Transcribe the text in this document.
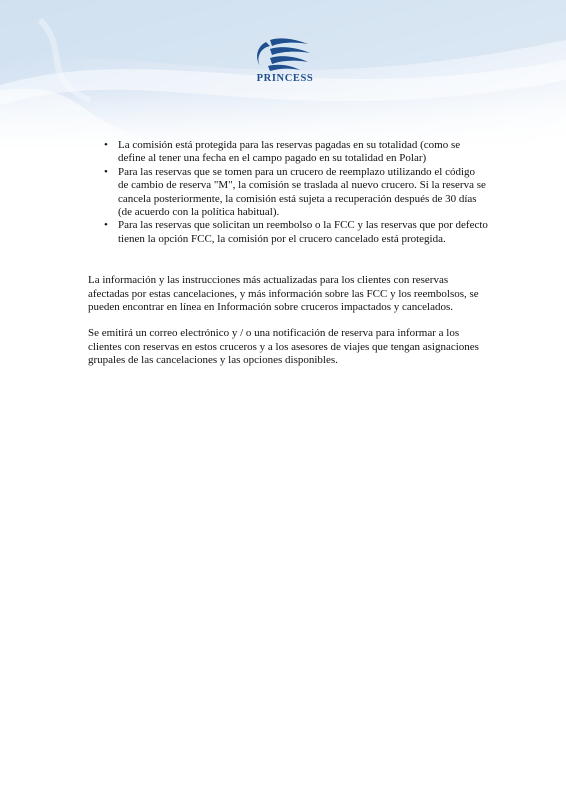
PRINCESS
• La comisión está protegida para las reservas pagadas en su totalidad (como se define al tener una fecha en el campo pagado en su totalidad en Polar)
• Para las reservas que se tomen para un crucero de reemplazo utilizando el código de cambio de reserva "M", la comisión se traslada al nuevo crucero. Si la reserva se cancela posteriormente, la comisión está sujeta a recuperación después de 30 días (de acuerdo con la política habitual).
• Para las reservas que solicitan un reembolso o la FCC y las reservas que por defecto tienen la opción FCC, la comisión por el crucero cancelado está protegida.

La información y las instrucciones más actualizadas para los clientes con reservas afectadas por estas cancelaciones, y más información sobre las FCC y los reembolsos, se pueden encontrar en línea en Información sobre cruceros impactados y cancelados.

Se emitirá un correo electrónico y / o una notificación de reserva para informar a los clientes con reservas en estos cruceros y a los asesores de viajes que tengan asignaciones grupales de las cancelaciones y las opciones disponibles.
